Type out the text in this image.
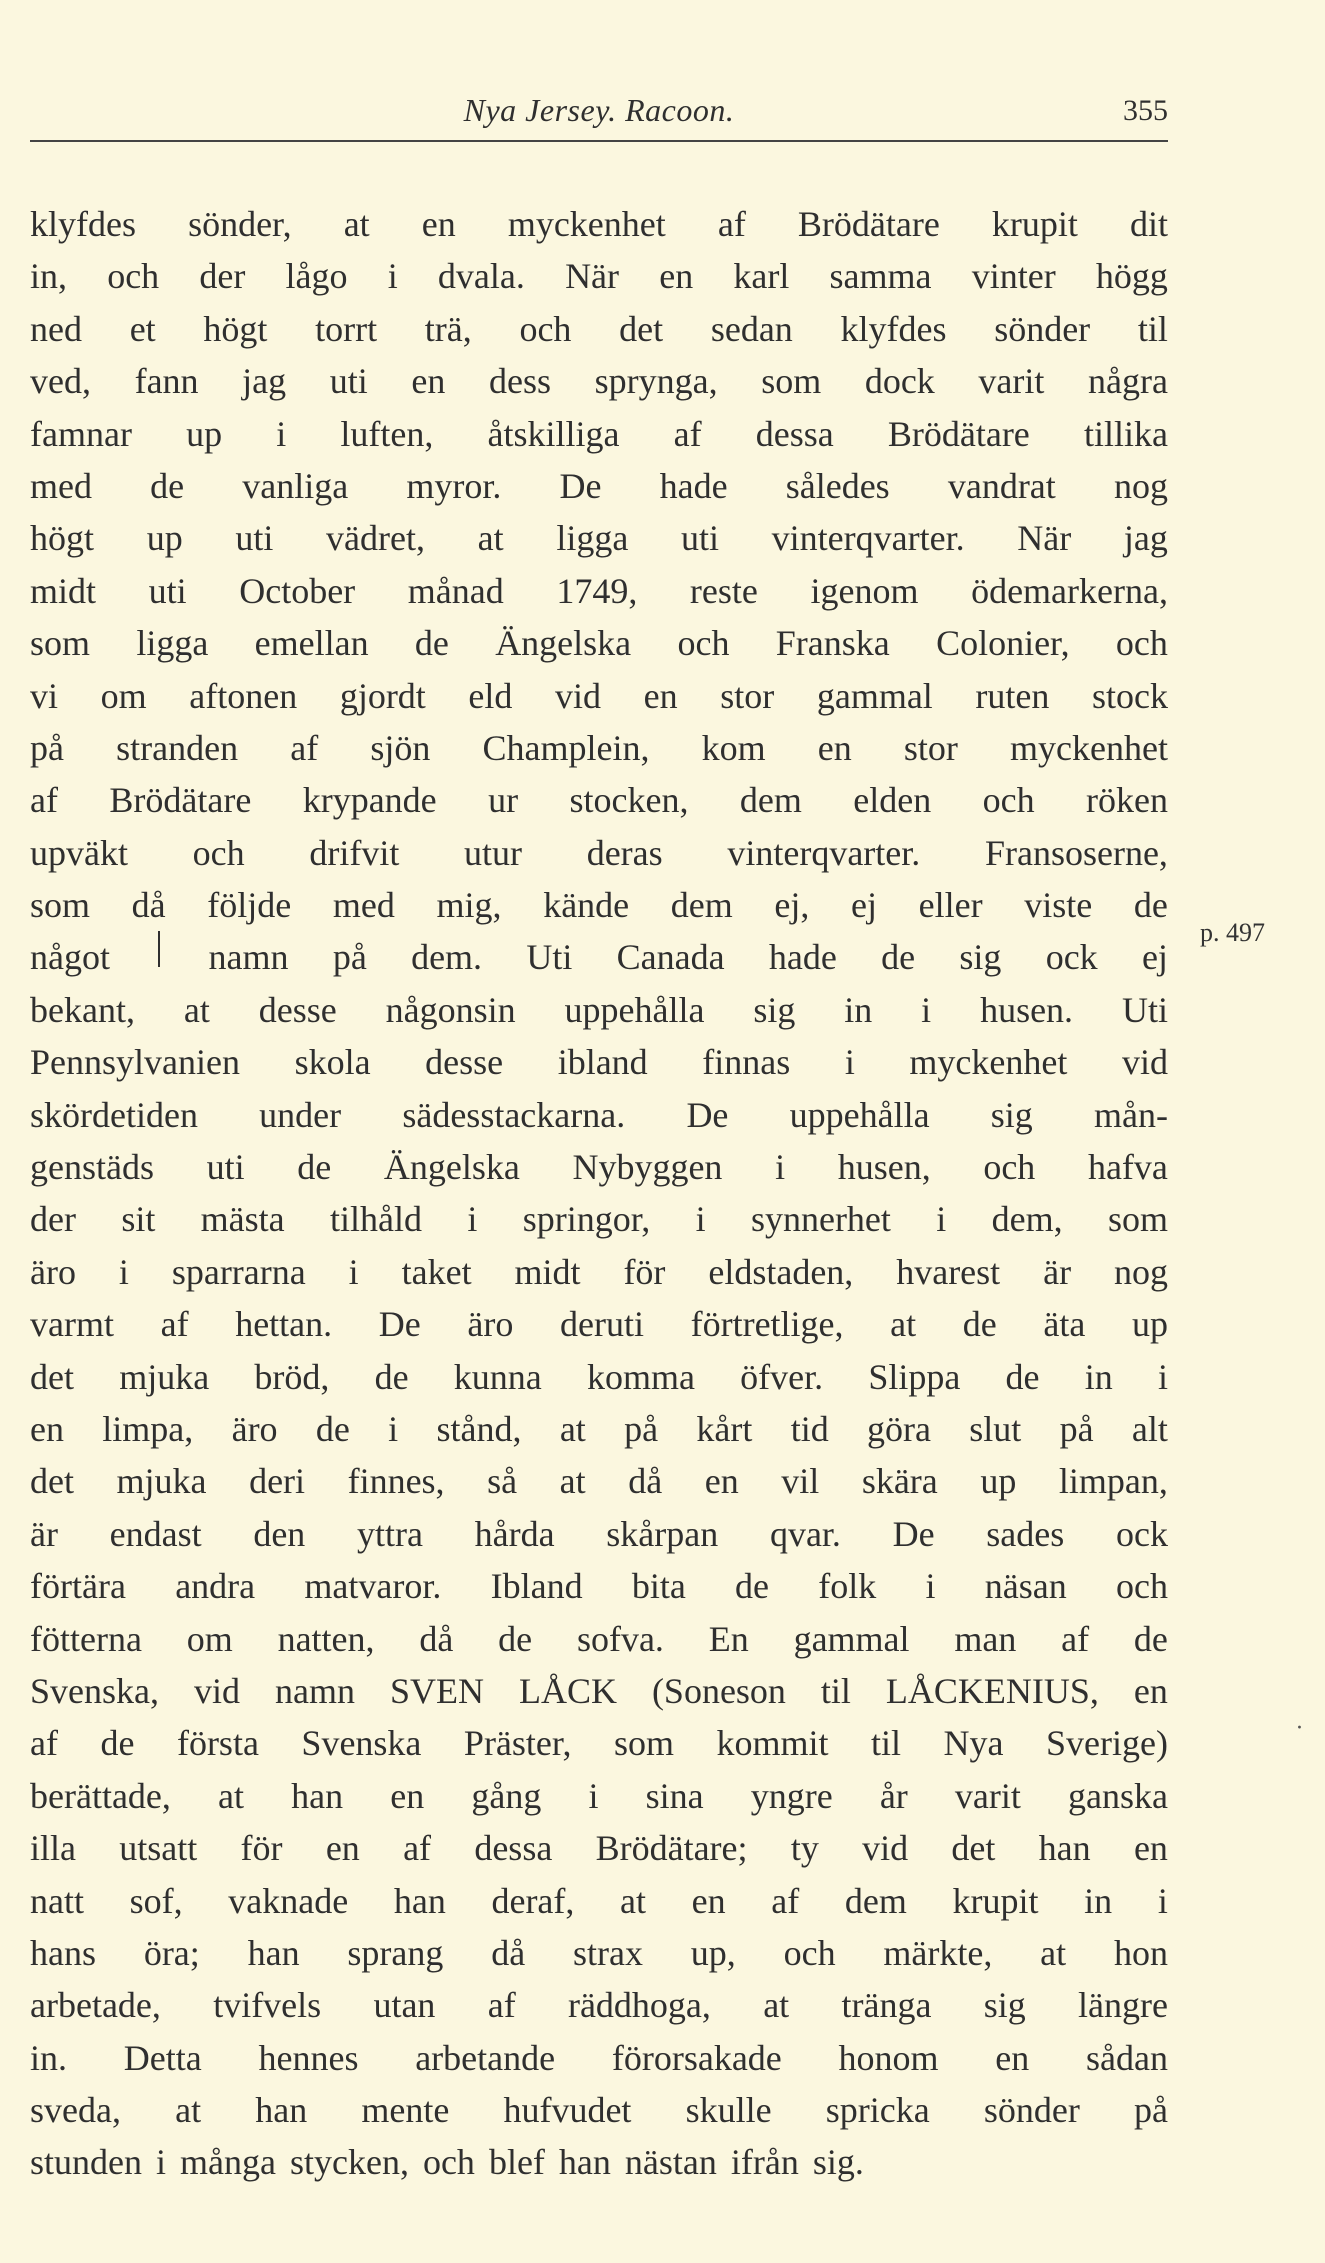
Nya Jersey. Racoon.	355
klyfdes sönder, at en myckenhet af Brödätare krupit dit
in, och der lågo i dvala. När en karl samma vinter högg
ned et högt torrt trä, och det sedan klyfdes sönder til
ved, fann jag uti en dess sprynga, som dock varit några
famnar up i luften, åtskilliga af dessa Brödätare tillika
med de vanliga myror. De hade således vandrat nog
högt up uti vädret, at ligga uti vinterqvarter. När jag
midt uti October månad 1749, reste igenom ödemarkerna,
som ligga emellan de Ängelska och Franska Colonier, och
vi om aftonen gjordt eld vid en stor gammal ruten stock
på stranden af sjön Champlein, kom en stor myckenhet
af Brödätare krypande ur stocken, dem elden och röken
upväkt och drifvit utur deras vinterqvarter. Fransoserne,
som då följde med mig, kände dem ej, ej eller viste de
något	namn på dem. Uti Canada hade de sig ock ej
bekant, at desse någonsin uppehålla sig in i husen. Uti
Pennsylvanien skola desse ibland finnas i myckenhet vid
skördetiden under sädesstackarna. De uppehålla sig mån-
genstäds uti de Ängelska Nybyggen i husen, och hafva
der sit mästa tilhåld i springor, i synnerhet i dem, som
äro i sparrarna i taket midt för eldstaden, hvarest är nog
varmt af hettan. De äro deruti förtretlige, at de äta up
det mjuka bröd, de kunna komma öfver. Slippa de in i
en limpa, äro de i stånd, at på kårt tid göra slut på alt
det mjuka deri finnes, så at då en vil skära up limpan,
är endast den yttra hårda skårpan qvar. De sades ock
förtära andra matvaror. Ibland bita de folk i näsan och
fötterna om natten, då de sofva. En gammal man af de
Svenska, vid namn SVEN LÅCK (Soneson til LÅCKENIUS, en
af de första Svenska Präster, som kommit til Nya Sverige)
berättade, at han en gång i sina yngre år varit ganska
illa utsatt för en af dessa Brödätare; ty vid det han en
natt sof, vaknade han deraf, at en af dem krupit in i
hans öra; han sprang då strax up, och märkte, at hon
arbetade, tvifvels utan af räddhoga, at tränga sig längre
in. Detta hennes arbetande förorsakade honom en sådan
sveda, at han mente hufvudet skulle spricka sönder på
stunden i många stycken, och blef han nästan ifrån sig.
p. 497
·
